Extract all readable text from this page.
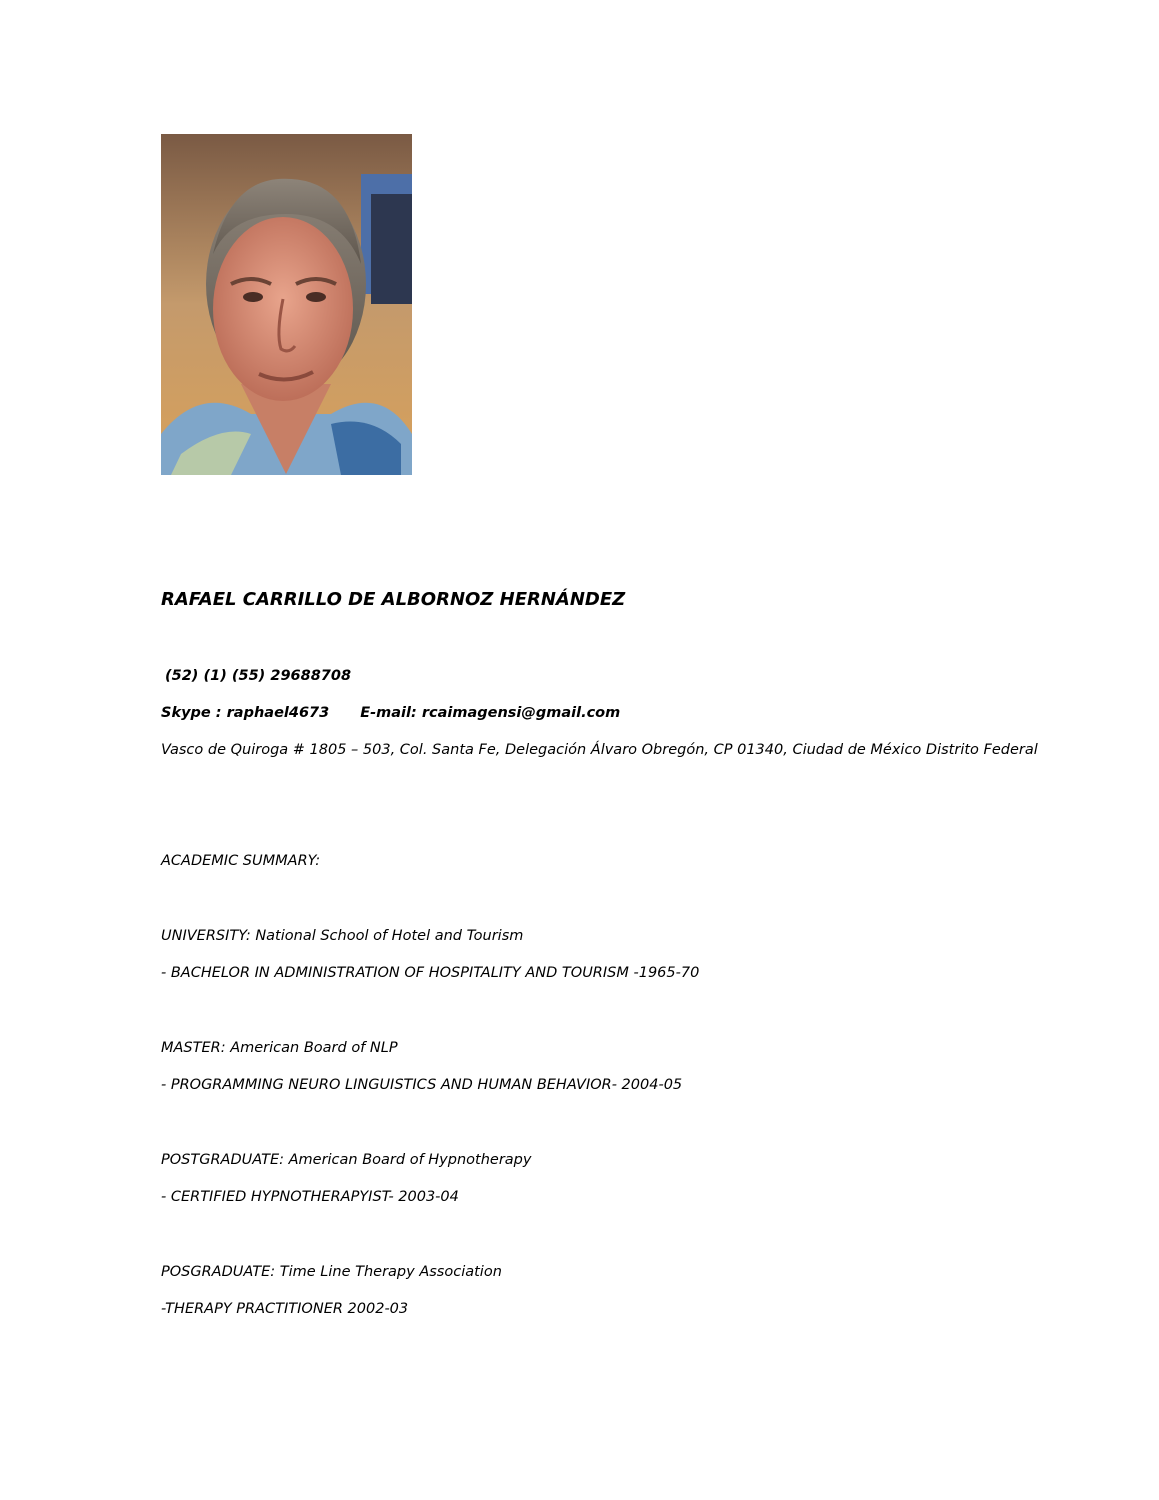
RAFAEL CARRILLO DE ALBORNOZ HERNÁNDEZ
(52) (1) (55) 29688708
Skype : raphael4673 E-mail: rcaimagensi@gmail.com
Vasco de Quiroga # 1805 – 503, Col. Santa Fe, Delegación Álvaro Obregón, CP 01340, Ciudad de México Distrito Federal
ACADEMIC SUMMARY:
UNIVERSITY: National School of Hotel and Tourism
- BACHELOR IN ADMINISTRATION OF HOSPITALITY AND TOURISM -1965-70
MASTER: American Board of NLP
- PROGRAMMING NEURO LINGUISTICS AND HUMAN BEHAVIOR- 2004-05
POSTGRADUATE: American Board of Hypnotherapy
- CERTIFIED HYPNOTHERAPYIST- 2003-04
POSGRADUATE: Time Line Therapy Association
-THERAPY PRACTITIONER 2002-03
